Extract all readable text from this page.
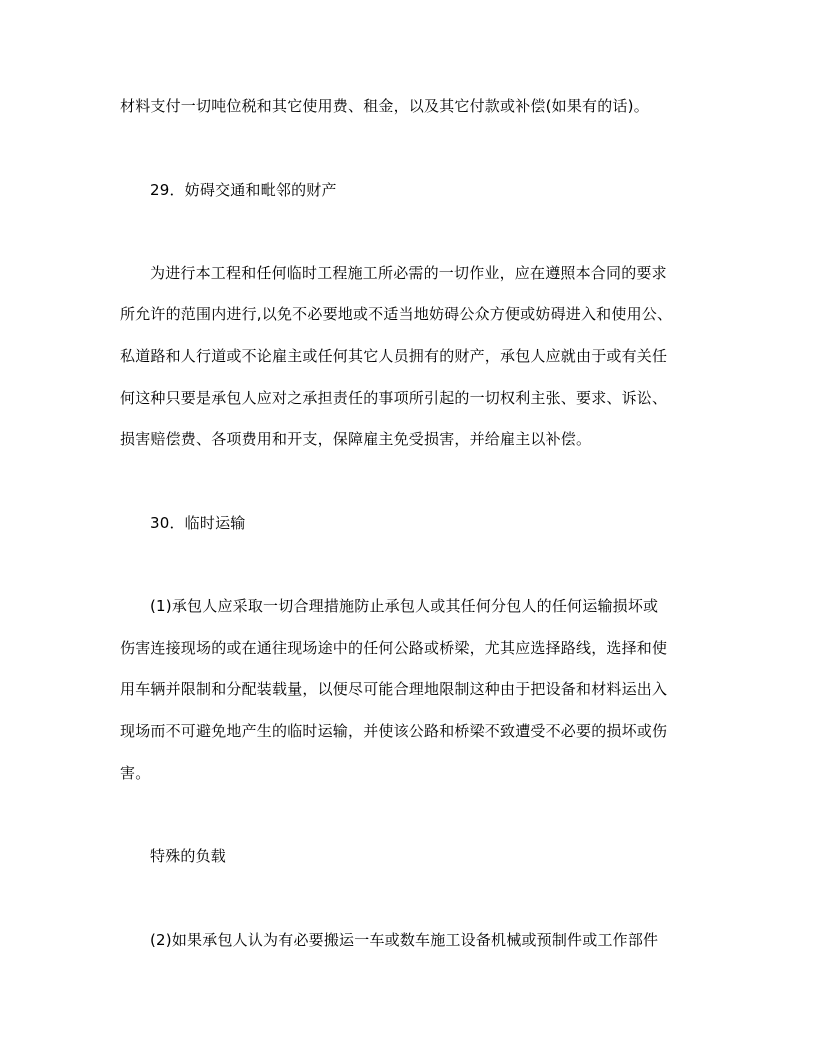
材料支付一切吨位税和其它使用费、租金，以及其它付款或补偿(如果有的话)。
29．妨碍交通和毗邻的财产
为进行本工程和任何临时工程施工所必需的一切作业，应在遵照本合同的要求
所允许的范围内进行,以免不必要地或不适当地妨碍公众方便或妨碍进入和使用公、
私道路和人行道或不论雇主或任何其它人员拥有的财产，承包人应就由于或有关任
何这种只要是承包人应对之承担责任的事项所引起的一切权利主张、要求、诉讼、
损害赔偿费、各项费用和开支，保障雇主免受损害，并给雇主以补偿。
30．临时运输
(1)承包人应采取一切合理措施防止承包人或其任何分包人的任何运输损坏或
伤害连接现场的或在通往现场途中的任何公路或桥梁，尤其应选择路线，选择和使
用车辆并限制和分配装载量，以便尽可能合理地限制这种由于把设备和材料运出入
现场而不可避免地产生的临时运输，并使该公路和桥梁不致遭受不必要的损坏或伤
害。
特殊的负载
(2)如果承包人认为有必要搬运一车或数车施工设备机械或预制件或工作部件
